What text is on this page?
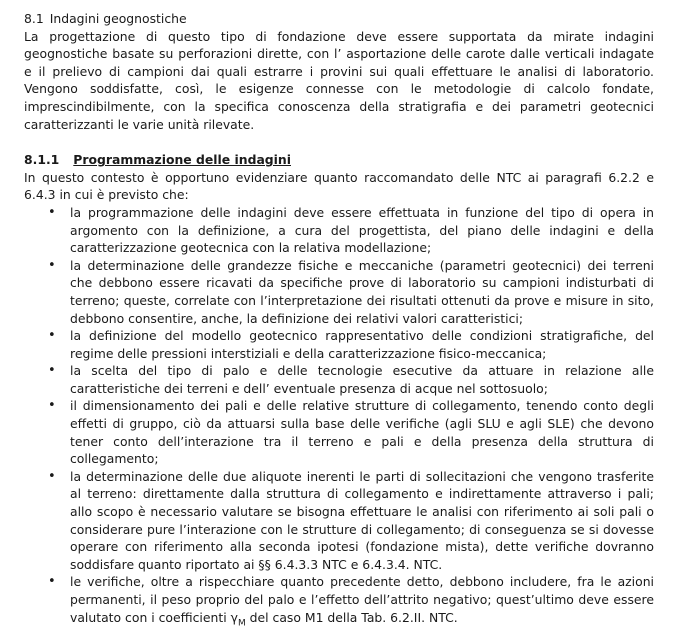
8.1 Indagini geognostiche

La progettazione di questo tipo di fondazione deve essere supportata da mirate indagini geognostiche basate su perforazioni dirette, con l’ asportazione delle carote dalle verticali indagate e il prelievo di campioni dai quali estrarre i provini sui quali effettuare le analisi di laboratorio. Vengono soddisfatte, così, le esigenze connesse con le metodologie di calcolo fondate, imprescindibilmente, con la specifica conoscenza della stratigrafia e dei parametri geotecnici caratterizzanti le varie unità rilevate.

8.1.1 Programmazione delle indagini

In questo contesto è opportuno evidenziare quanto raccomandato delle NTC ai paragrafi 6.2.2 e 6.4.3 in cui è previsto che:

• la programmazione delle indagini deve essere effettuata in funzione del tipo di opera in argomento con la definizione, a cura del progettista, del piano delle indagini e della caratterizzazione geotecnica con la relativa modellazione;
• la determinazione delle grandezze fisiche e meccaniche (parametri geotecnici) dei terreni che debbono essere ricavati da specifiche prove di laboratorio su campioni indisturbati di terreno; queste, correlate con l’interpretazione dei risultati ottenuti da prove e misure in sito, debbono consentire, anche, la definizione dei relativi valori caratteristici;
• la definizione del modello geotecnico rappresentativo delle condizioni stratigrafiche, del regime delle pressioni interstiziali e della caratterizzazione fisico-meccanica;
• la scelta del tipo di palo e delle tecnologie esecutive da attuare in relazione alle caratteristiche dei terreni e dell’ eventuale presenza di acque nel sottosuolo;
• il dimensionamento dei pali e delle relative strutture di collegamento, tenendo conto degli effetti di gruppo, ciò da attuarsi sulla base delle verifiche (agli SLU e agli SLE) che devono tener conto dell’interazione tra il terreno e pali e della presenza della struttura di collegamento;
• la determinazione delle due aliquote inerenti le parti di sollecitazioni che vengono trasferite al terreno: direttamente dalla struttura di collegamento e indirettamente attraverso i pali; allo scopo è necessario valutare se bisogna effettuare le analisi con riferimento ai soli pali o considerare pure l’interazione con le strutture di collegamento; di conseguenza se si dovesse operare con riferimento alla seconda ipotesi (fondazione mista), dette verifiche dovranno soddisfare quanto riportato ai §§ 6.4.3.3 NTC e 6.4.3.4. NTC.
• le verifiche, oltre a rispecchiare quanto precedente detto, debbono includere, fra le azioni permanenti, il peso proprio del palo e l’effetto dell’attrito negativo; quest’ultimo deve essere valutato con i coefficienti $\gamma_M$ del caso M1 della Tab. 6.2.II. NTC.
